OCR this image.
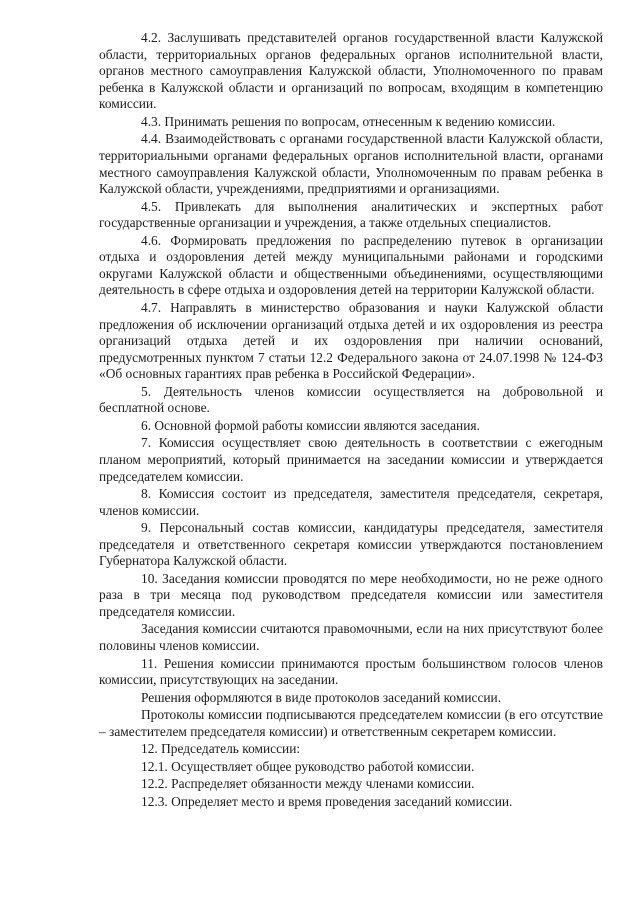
4.2. Заслушивать представителей органов государственной власти Калужской области, территориальных органов федеральных органов исполнительной власти, органов местного самоуправления Калужской области, Уполномоченного по правам ребенка в Калужской области и организаций по вопросам, входящим в компетенцию комиссии.

4.3. Принимать решения по вопросам, отнесенным к ведению комиссии.

4.4. Взаимодействовать с органами государственной власти Калужской области, территориальными органами федеральных органов исполнительной власти, органами местного самоуправления Калужской области, Уполномоченным по правам ребенка в Калужской области, учреждениями, предприятиями и организациями.

4.5. Привлекать для выполнения аналитических и экспертных работ государственные организации и учреждения, а также отдельных специалистов.

4.6. Формировать предложения по распределению путевок в организации отдыха и оздоровления детей между муниципальными районами и городскими округами Калужской области и общественными объединениями, осуществляющими деятельность в сфере отдыха и оздоровления детей на территории Калужской области.

4.7. Направлять в министерство образования и науки Калужской области предложения об исключении организаций отдыха детей и их оздоровления из реестра организаций отдыха детей и их оздоровления при наличии оснований, предусмотренных пунктом 7 статьи 12.2 Федерального закона от 24.07.1998 № 124-ФЗ «Об основных гарантиях прав ребенка в Российской Федерации».

5. Деятельность членов комиссии осуществляется на добровольной и бесплатной основе.

6. Основной формой работы комиссии являются заседания.

7. Комиссия осуществляет свою деятельность в соответствии с ежегодным планом мероприятий, который принимается на заседании комиссии и утверждается председателем комиссии.

8. Комиссия состоит из председателя, заместителя председателя, секретаря, членов комиссии.

9. Персональный состав комиссии, кандидатуры председателя, заместителя председателя и ответственного секретаря комиссии утверждаются постановлением Губернатора Калужской области.

10. Заседания комиссии проводятся по мере необходимости, но не реже одного раза в три месяца под руководством председателя комиссии или заместителя председателя комиссии.

Заседания комиссии считаются правомочными, если на них присутствуют более половины членов комиссии.

11. Решения комиссии принимаются простым большинством голосов членов комиссии, присутствующих на заседании.

Решения оформляются в виде протоколов заседаний комиссии.

Протоколы комиссии подписываются председателем комиссии (в его отсутствие – заместителем председателя комиссии) и ответственным секретарем комиссии.

12. Председатель комиссии:

12.1. Осуществляет общее руководство работой комиссии.

12.2. Распределяет обязанности между членами комиссии.

12.3. Определяет место и время проведения заседаний комиссии.
